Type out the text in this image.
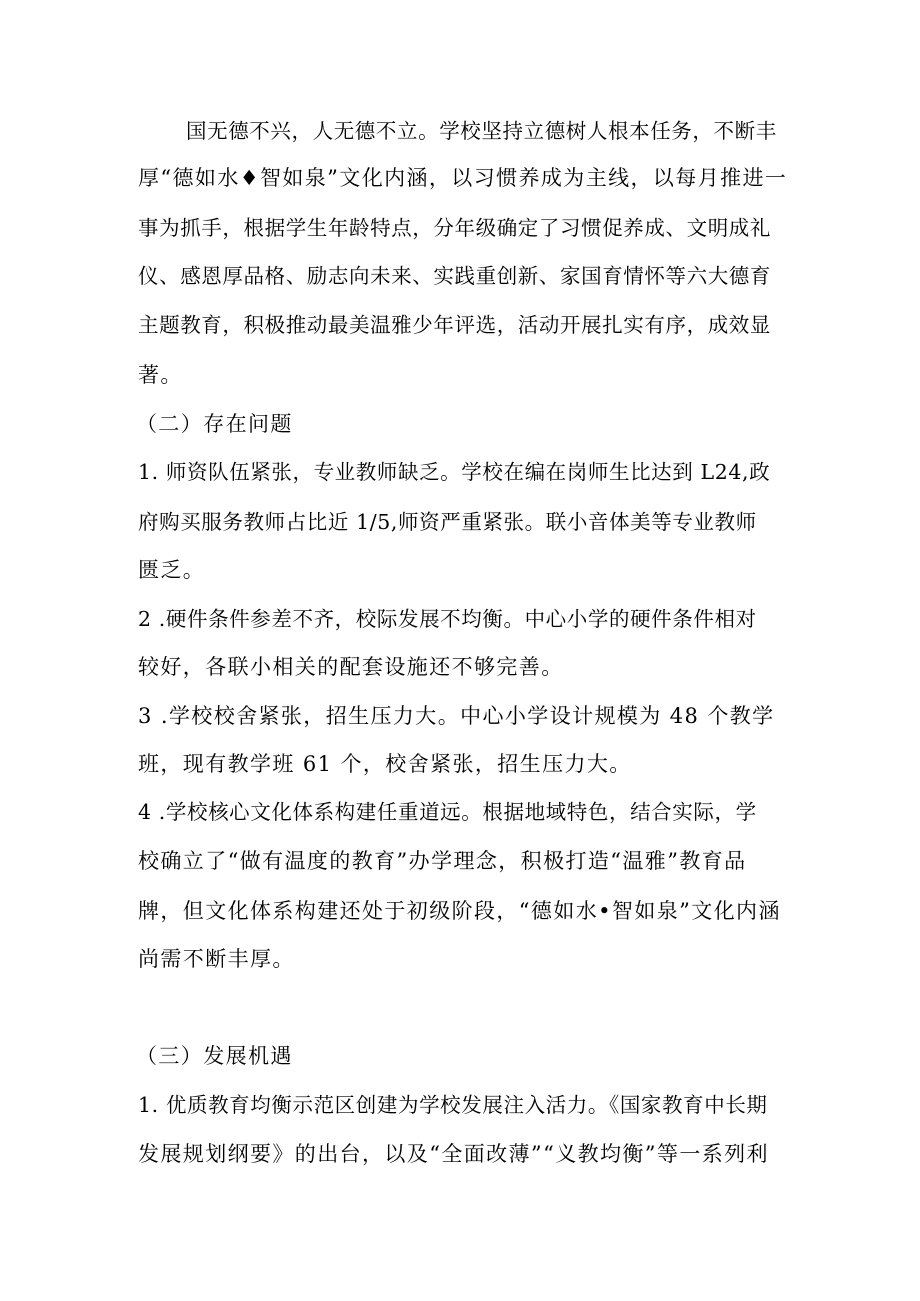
国无德不兴，人无德不立。学校坚持立德树人根本任务，不断丰
厚“德如水♦智如泉”文化内涵，以习惯养成为主线，以每月推进一
事为抓手，根据学生年龄特点，分年级确定了习惯促养成、文明成礼
仪、感恩厚品格、励志向未来、实践重创新、家国育情怀等六大德育
主题教育，积极推动最美温雅少年评选，活动开展扎实有序，成效显
著。
（二）存在问题
1. 师资队伍紧张，专业教师缺乏。学校在编在岗师生比达到 L24,政
府购买服务教师占比近 1/5,师资严重紧张。联小音体美等专业教师
匮乏。
2 .硬件条件参差不齐，校际发展不均衡。中心小学的硬件条件相对
较好，各联小相关的配套设施还不够完善。
3 .学校校舍紧张，招生压力大。中心小学设计规模为 48 个教学
班，现有教学班 61 个，校舍紧张，招生压力大。
4 .学校核心文化体系构建任重道远。根据地域特色，结合实际，学
校确立了“做有温度的教育”办学理念，积极打造“温雅”教育品
牌，但文化体系构建还处于初级阶段，“德如水•智如泉”文化内涵
尚需不断丰厚。
（三）发展机遇
1. 优质教育均衡示范区创建为学校发展注入活力。《国家教育中长期
发展规划纲要》的出台，以及“全面改薄”“义教均衡”等一系列利
